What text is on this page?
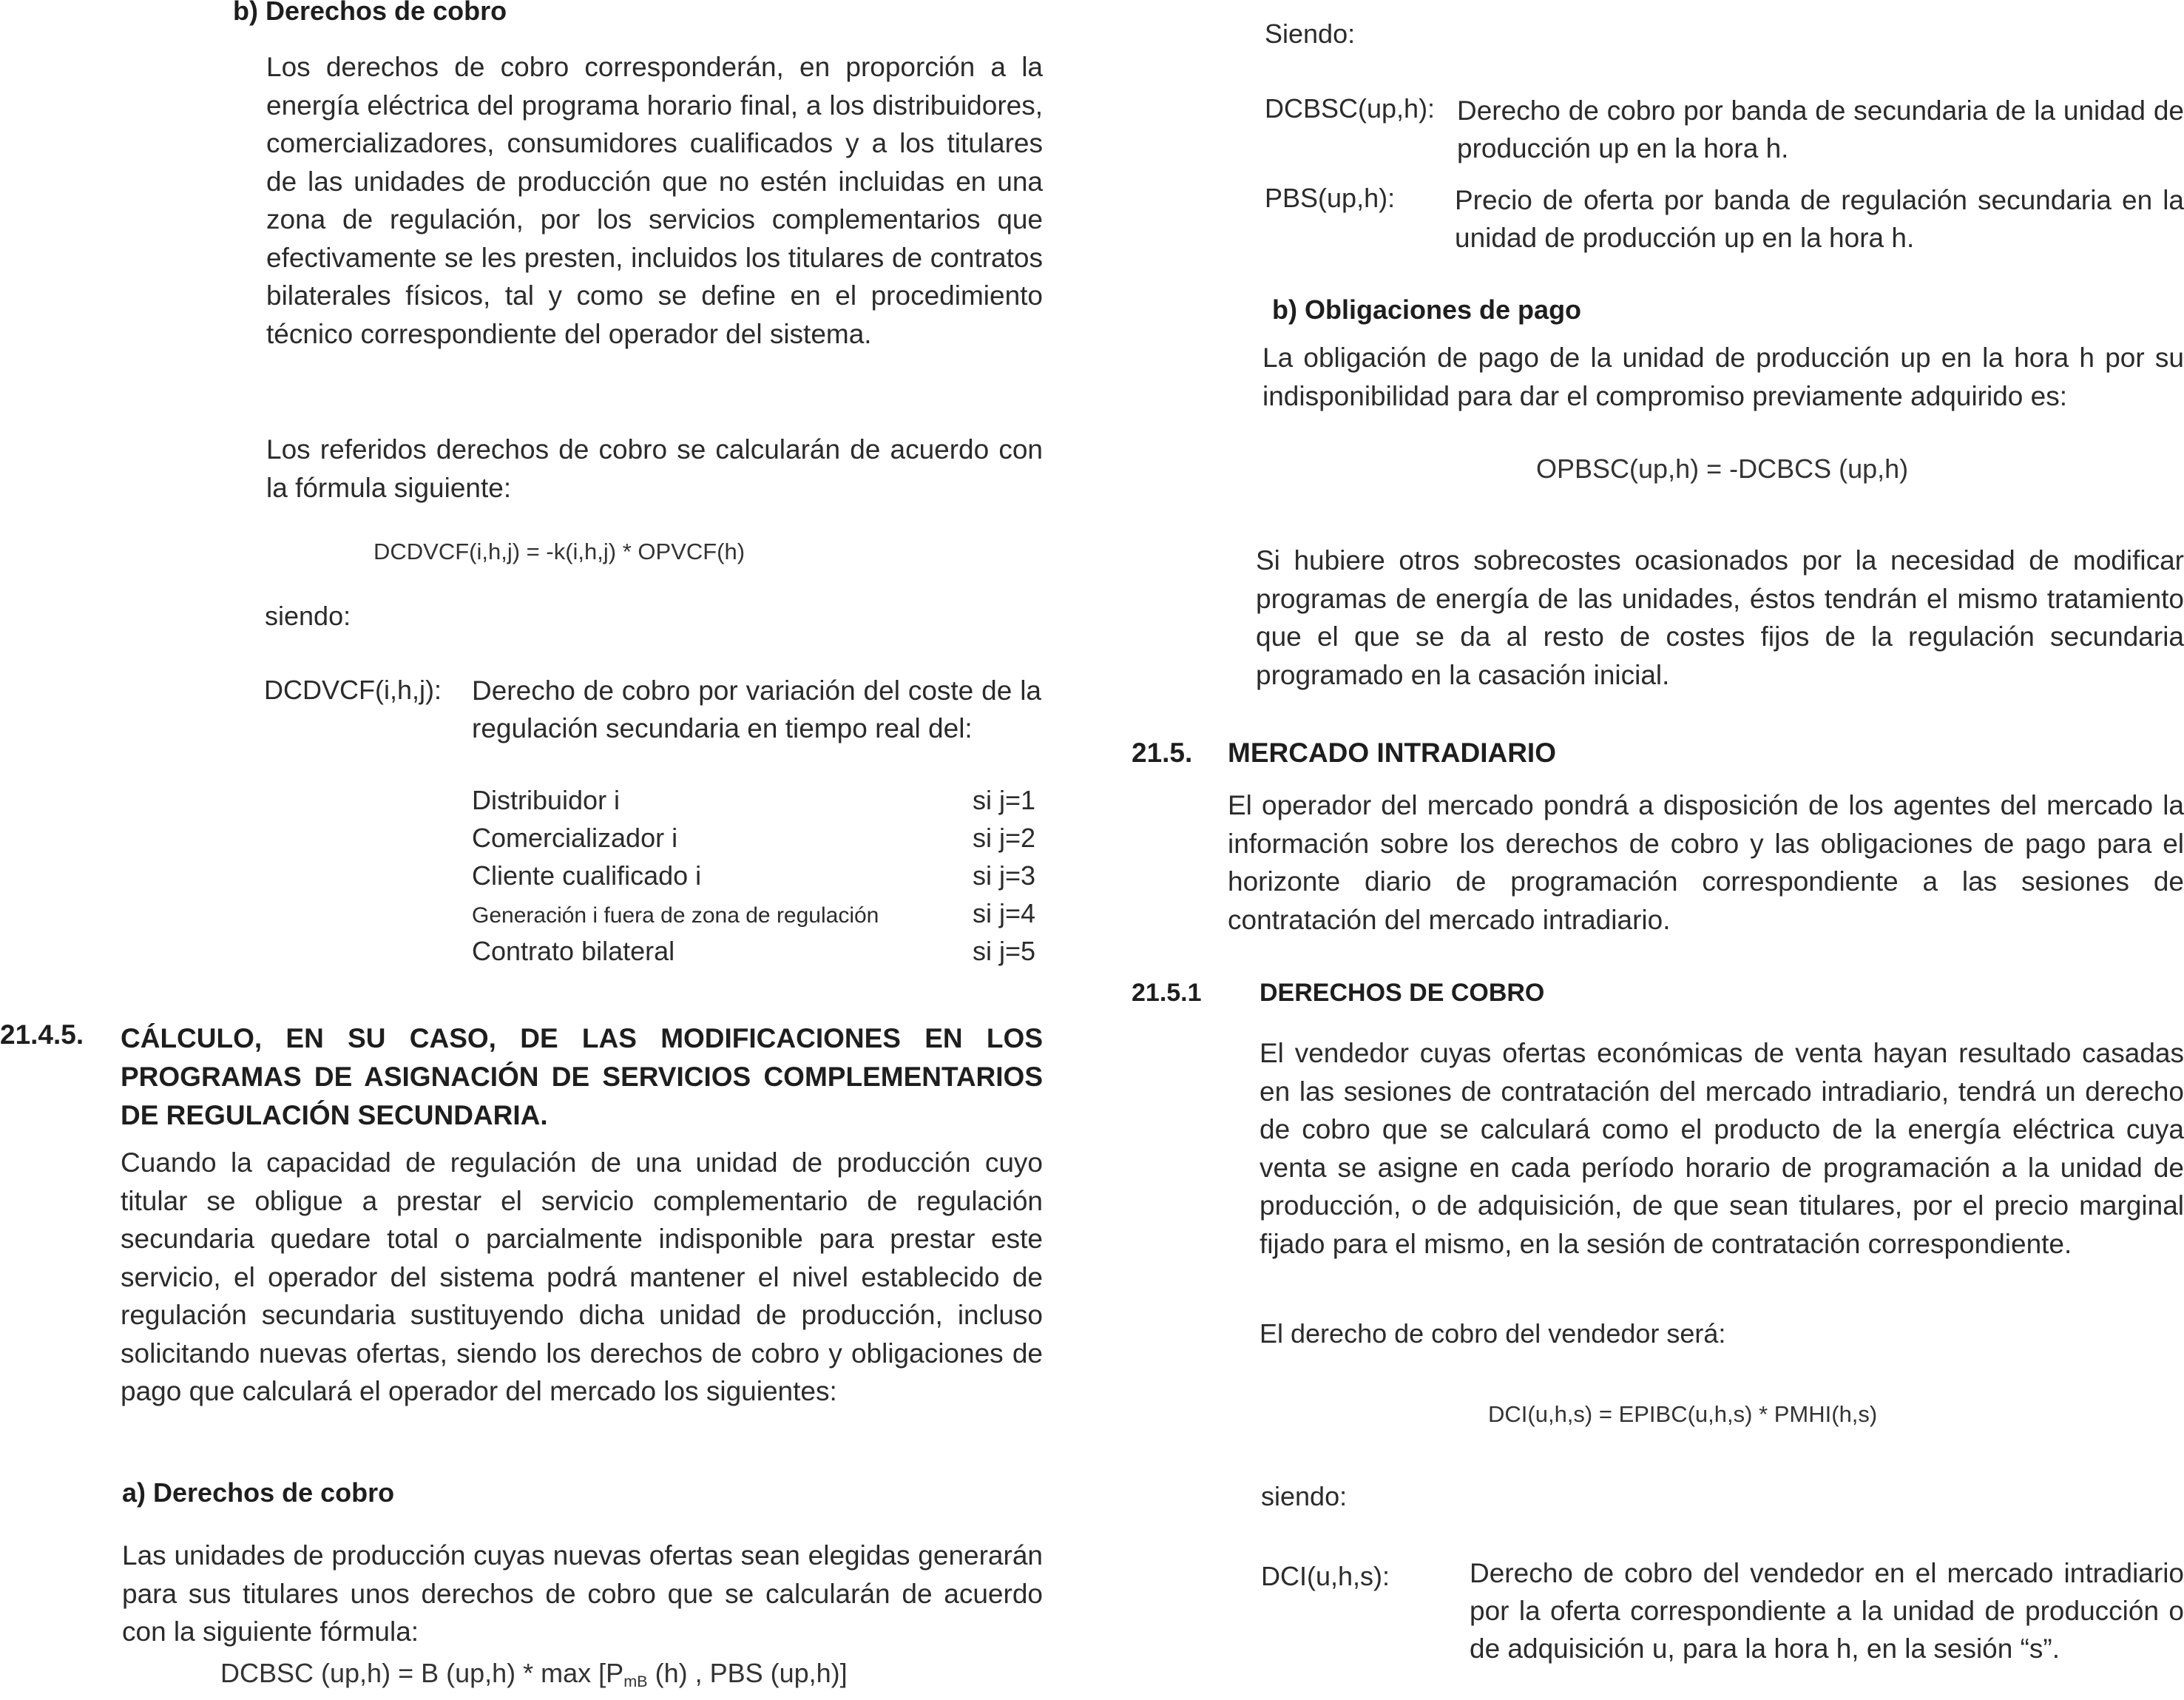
b) Derechos de cobro

Los derechos de cobro corresponderán, en proporción a la energía eléctrica del programa horario final, a los distribuidores, comercializadores, consumidores cualificados y a los titulares de las unidades de producción que no estén incluidas en una zona de regulación, por los servicios complementarios que efectivamente se les presten, incluidos los titulares de contratos bilaterales físicos, tal y como se define en el procedimiento técnico correspondiente del operador del sistema.

Los referidos derechos de cobro se calcularán de acuerdo con la fórmula siguiente:

DCDVCF(i,h,j) = -k(i,h,j) * OPVCF(h)
siendo:
DCDVCF(i,h,j): Derecho de cobro por variación del coste de la regulación secundaria en tiempo real del:

Distribuidor i	si j=1
Comercializador i	si j=2
Cliente cualificado i	si j=3
Generación i fuera de zona de regulación	si j=4
Contrato bilateral	si j=5
21.4.5. CÁLCULO, EN SU CASO, DE LAS MODIFICACIONES EN LOS PROGRAMAS DE ASIGNACIÓN DE SERVICIOS COMPLEMENTARIOS DE REGULACIÓN SECUNDARIA.

Cuando la capacidad de regulación de una unidad de producción cuyo titular se obligue a prestar el servicio complementario de regulación secundaria quedare total o parcialmente indisponible para prestar este servicio, el operador del sistema podrá mantener el nivel establecido de regulación secundaria sustituyendo dicha unidad de producción, incluso solicitando nuevas ofertas, siendo los derechos de cobro y obligaciones de pago que calculará el operador del mercado los siguientes:

a) Derechos de cobro

Las unidades de producción cuyas nuevas ofertas sean elegidas generarán para sus titulares unos derechos de cobro que se calcularán de acuerdo con la siguiente fórmula:

DCBSC (up,h) = B $(up,h) * \max [P_{mB}$ (h) , PBS (up,h)]
Siendo:
DCBSC(up,h): Derecho de cobro por banda de secundaria de la unidad de producción up en la hora h.

PBS(up,h): Precio de oferta por banda de regulación secundaria en la unidad de producción up en la hora h.

b) Obligaciones de pago

La obligación de pago de la unidad de producción up en la hora h por su indisponibilidad para dar el compromiso previamente adquirido es:

OPBSC(up,h) = -DCBCS (up,h)

Si hubiere otros sobrecostes ocasionados por la necesidad de modificar programas de energía de las unidades, éstos tendrán el mismo tratamiento que el que se da al resto de costes fijos de la regulación secundaria programado en la casación inicial.

21.5. MERCADO INTRADIARIO

El operador del mercado pondrá a disposición de los agentes del mercado la información sobre los derechos de cobro y las obligaciones de pago para el horizonte diario de programación correspondiente a las sesiones de contratación del mercado intradiario.

21.5.1 DERECHOS DE COBRO

El vendedor cuyas ofertas económicas de venta hayan resultado casadas en las sesiones de contratación del mercado intradiario, tendrá un derecho de cobro que se calculará como el producto de la energía eléctrica cuya venta se asigne en cada período horario de programación a la unidad de producción, o de adquisición, de que sean titulares, por el precio marginal fijado para el mismo, en la sesión de contratación correspondiente.

El derecho de cobro del vendedor será:
DCI(u,h,s) = EPIBC(u,h,s) * PMHI(h,s)
siendo:
DCI(u,h,s):	Derecho de cobro del vendedor en el mercado intradiario por la oferta correspondiente a la unidad de producción o de adquisición u, para la hora h, en la sesión “s”.
